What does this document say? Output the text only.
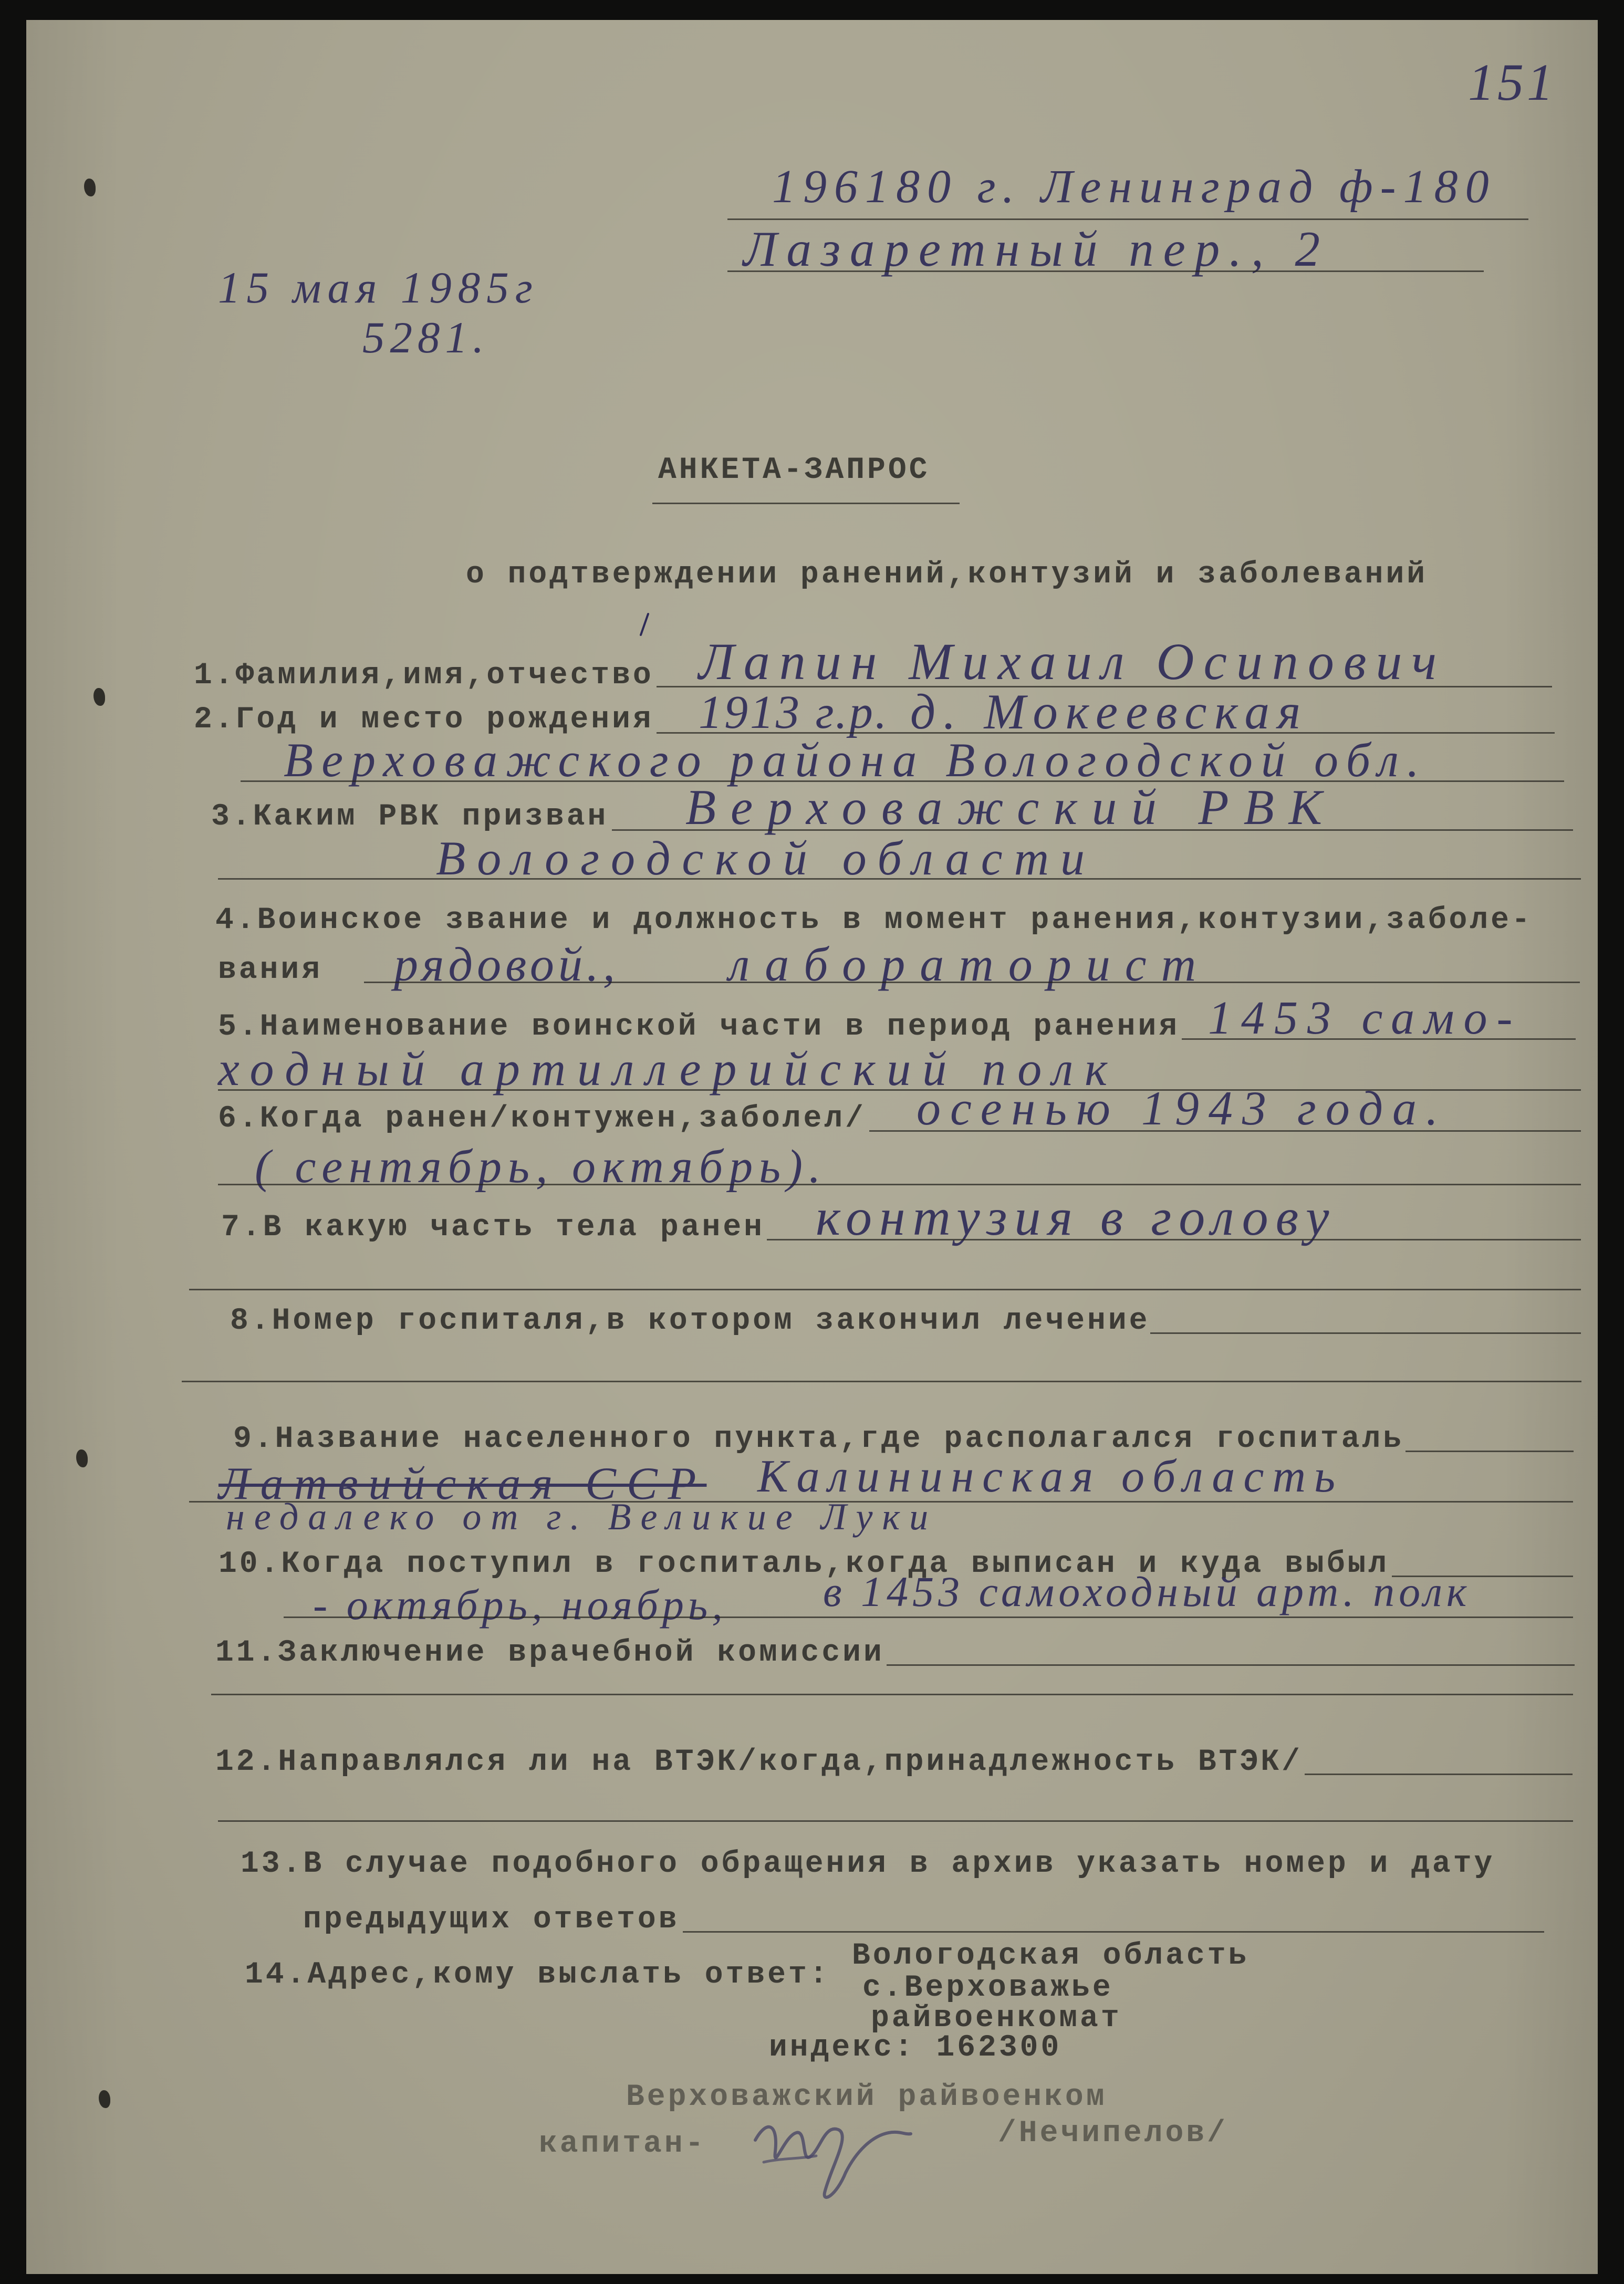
151
196180 г. Ленинград ф-180
Лазаретный пер., 2
15 мая 1985г
5281.
АНКЕТА-ЗАПРОС
о подтверждении ранений,контузий и заболеваний
1.Фамилия,имя,отчество Лапин Михаил Осипович
2.Год и место рождения 1913 г.р. д. Мокеевская
Верховажского района Вологодской обл.
3.Каким РВК призван Верховажский РВК
Вологодской области
4.Воинское звание и должность в момент ранения,контузии,заболе-
вания рядовой., лабораторист
5.Наименование воинской части в период ранения 1453 само-
ходный артиллерийский полк
6.Когда ранен/контужен,заболел/ осенью 1943 года.
( сентябрь, октябрь).
7.В какую часть тела ранен контузия в голову
8.Номер госпиталя,в котором закончил лечение
9.Название населенного пункта,где располагался госпиталь
Латвийская ССР Калининская область
недалеко от г. Великие Луки
10.Когда поступил в госпиталь,когда выписан и куда выбыл
- октябрь, ноябрь, в 1453 самоходный арт. полк
11.Заключение врачебной комиссии
12.Направлялся ли на ВТЭК/когда,принадлежность ВТЭК/
13.В случае подобного обращения в архив указать номер и дату
предыдущих ответов
14.Адрес,кому выслать ответ:
Вологодская область
с.Верховажье
райвоенкомат
индекс: 162300
Верховажский райвоенком
капитан-	/Нечипелов/
